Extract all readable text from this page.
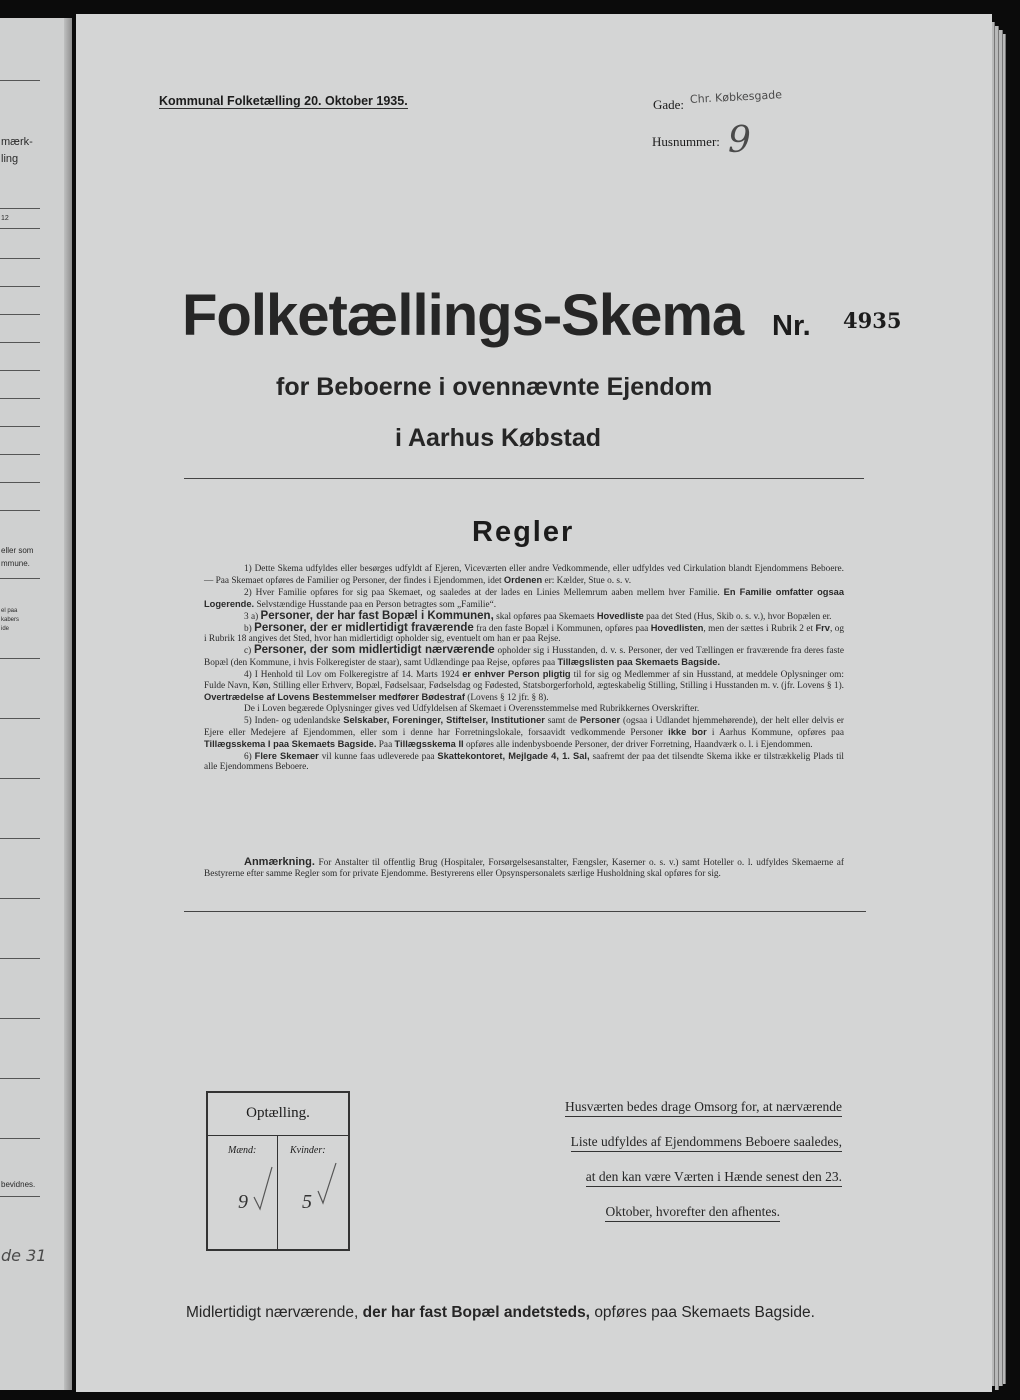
mærk-
ling
12
eller som
mmune.
el paa
kabers
ide
bevidnes.
de 31
Kommunal Folketælling 20. Oktober 1935.	Gade: Chr. Købkesgade
Husnummer: 9
Folketællings-Skema Nr. 4935
for Beboerne i ovennævnte Ejendom
i Aarhus Købstad
Regler

1) Dette Skema udfyldes eller besørges udfyldt af Ejeren, Viceværten eller andre Vedkommende, eller udfyldes ved Cirkulation blandt Ejendommens Beboere. — Paa Skemaet opføres de Familier og Personer, der findes i Ejendommen, idet Ordenen er: Kælder, Stue o. s. v.

2) Hver Familie opføres for sig paa Skemaet, og saaledes at der lades en Linies Mellemrum aaben mellem hver Familie. En Familie omfatter ogsaa Logerende. Selvstændige Husstande paa en Person betragtes som „Familie“.

3 a) Personer, der har fast Bopæl i Kommunen, skal opføres paa Skemaets Hovedliste paa det Sted (Hus, Skib o. s. v.), hvor Bopælen er.

b) Personer, der er midlertidigt fraværende fra den faste Bopæl i Kommunen, opføres paa Hovedlisten, men der sættes i Rubrik 2 et Frv, og i Rubrik 18 angives det Sted, hvor han midlertidigt opholder sig, eventuelt om han er paa Rejse.

c) Personer, der som midlertidigt nærværende opholder sig i Husstanden, d. v. s. Personer, der ved Tællingen er fraværende fra deres faste Bopæl (den Kommune, i hvis Folkeregister de staar), samt Udlændinge paa Rejse, opføres paa Tillægslisten paa Skemaets Bagside.

4) I Henhold til Lov om Folkeregistre af 14. Marts 1924 er enhver Person pligtig til for sig og Medlemmer af sin Husstand, at meddele Oplysninger om: Fulde Navn, Køn, Stilling eller Erhverv, Bopæl, Fødselsaar, Fødselsdag og Fødested, Statsborgerforhold, ægteskabelig Stilling, Stilling i Husstanden m. v. (jfr. Lovens § 1). Overtrædelse af Lovens Bestemmelser medfører Bødestraf (Lovens § 12 jfr. § 8).

De i Loven begærede Oplysninger gives ved Udfyldelsen af Skemaet i Overensstemmelse med Rubrikkernes Overskrifter.

5) Inden- og udenlandske Selskaber, Foreninger, Stiftelser, Institutioner samt de Personer (ogsaa i Udlandet hjemmehørende), der helt eller delvis er Ejere eller Medejere af Ejendommen, eller som i denne har Forretningslokale, forsaavidt vedkommende Personer ikke bor i Aarhus Kommune, opføres paa Tillægsskema I paa Skemaets Bagside. Paa Tillægsskema II opføres alle indenbysboende Personer, der driver Forretning, Haandværk o. l. i Ejendommen.

6) Flere Skemaer vil kunne faas udleverede paa Skattekontoret, Mejlgade 4, 1. Sal, saafremt der paa det tilsendte Skema ikke er tilstrækkelig Plads til alle Ejendommens Beboere.

Anmærkning. For Anstalter til offentlig Brug (Hospitaler, Forsørgelsesanstalter, Fængsler, Kaserner o. s. v.) samt Hoteller o. l. udfyldes Skemaerne af Bestyrerne efter samme Regler som for private Ejendomme. Bestyrerens eller Opsynspersonalets særlige Husholdning skal opføres for sig.

Optælling.
Mænd:	Kvinder:
9	5
Husværten bedes drage Omsorg for, at nærværende
Liste udfyldes af Ejendommens Beboere saaledes,
at den kan være Værten i Hænde senest den 23.
Oktober, hvorefter den afhentes.
Midlertidigt nærværende, der har fast Bopæl andetsteds, opføres paa Skemaets Bagside.
